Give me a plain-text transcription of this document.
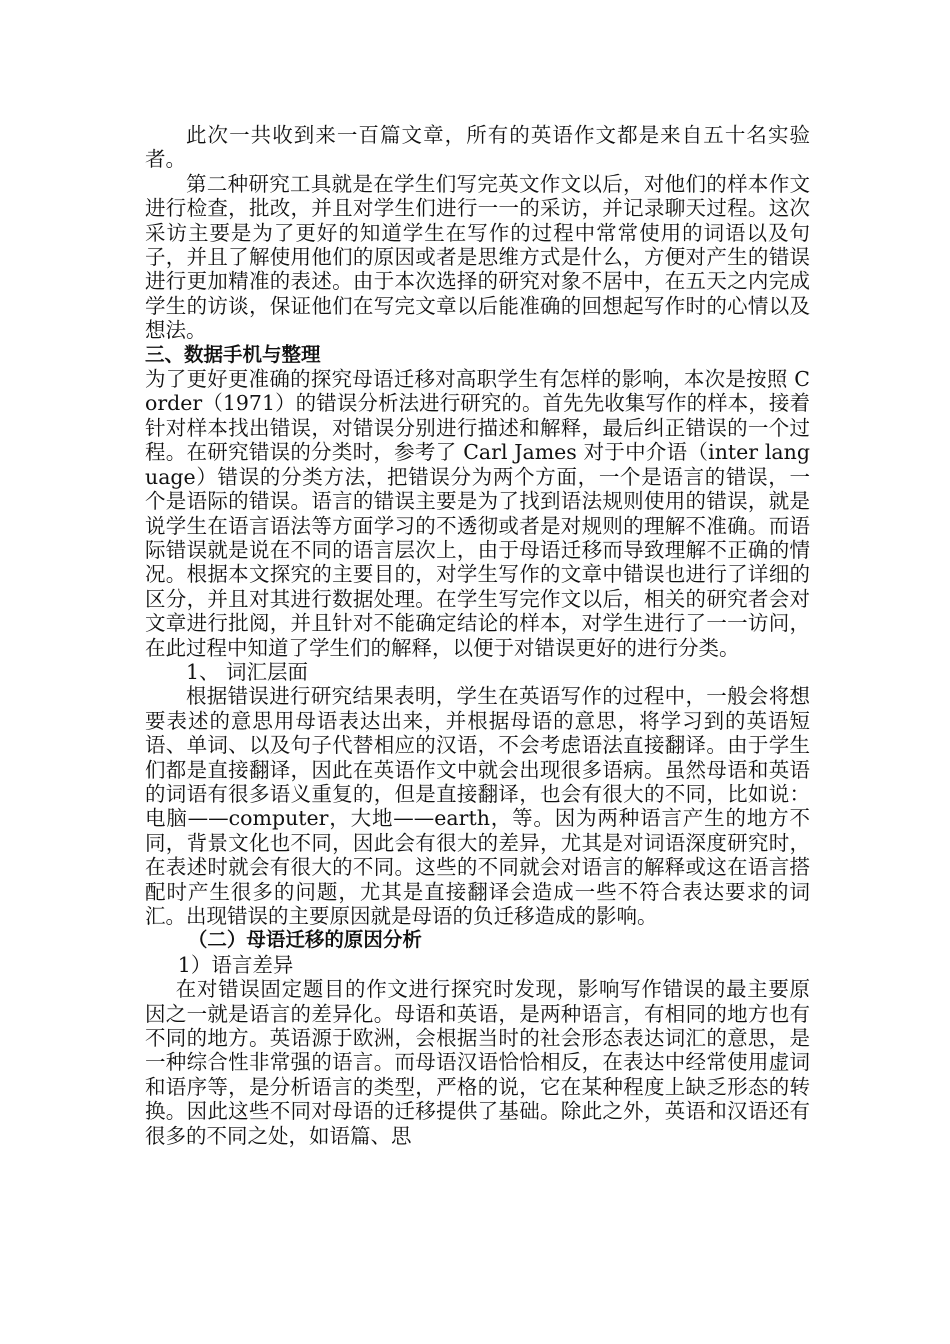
此次一共收到来一百篇文章，所有的英语作文都是来自五十名实验者。

第二种研究工具就是在学生们写完英文作文以后，对他们的样本作文进行检查，批改，并且对学生们进行一一的采访，并记录聊天过程。这次采访主要是为了更好的知道学生在写作的过程中常常使用的词语以及句子，并且了解使用他们的原因或者是思维方式是什么，方便对产生的错误进行更加精准的表述。由于本次选择的研究对象不居中，在五天之内完成学生的访谈，保证他们在写完文章以后能准确的回想起写作时的心情以及想法。

三、数据手机与整理

为了更好更准确的探究母语迁移对高职学生有怎样的影响，本次是按照 Corder（1971）的错误分析法进行研究的。首先先收集写作的样本，接着针对样本找出错误，对错误分别进行描述和解释，最后纠正错误的一个过程。在研究错误的分类时，参考了 Carl James 对于中介语（inter language）错误的分类方法，把错误分为两个方面，一个是语言的错误，一个是语际的错误。语言的错误主要是为了找到语法规则使用的错误，就是说学生在语言语法等方面学习的不透彻或者是对规则的理解不准确。而语际错误就是说在不同的语言层次上，由于母语迁移而导致理解不正确的情况。根据本文探究的主要目的，对学生写作的文章中错误也进行了详细的区分，并且对其进行数据处理。在学生写完作文以后，相关的研究者会对文章进行批阅，并且针对不能确定结论的样本，对学生进行了一一访问，在此过程中知道了学生们的解释，以便于对错误更好的进行分类。

1、 词汇层面

根据错误进行研究结果表明，学生在英语写作的过程中，一般会将想要表述的意思用母语表达出来，并根据母语的意思，将学习到的英语短语、单词、以及句子代替相应的汉语，不会考虑语法直接翻译。由于学生们都是直接翻译，因此在英语作文中就会出现很多语病。虽然母语和英语的词语有很多语义重复的，但是直接翻译，也会有很大的不同，比如说：电脑——computer，大地——earth，等。因为两种语言产生的地方不同，背景文化也不同，因此会有很大的差异，尤其是对词语深度研究时，在表述时就会有很大的不同。这些的不同就会对语言的解释或这在语言搭配时产生很多的问题，尤其是直接翻译会造成一些不符合表达要求的词汇。出现错误的主要原因就是母语的负迁移造成的影响。

（二）母语迁移的原因分析

1）语言差异

在对错误固定题目的作文进行探究时发现，影响写作错误的最主要原因之一就是语言的差异化。母语和英语，是两种语言，有相同的地方也有不同的地方。英语源于欧洲，会根据当时的社会形态表达词汇的意思，是一种综合性非常强的语言。而母语汉语恰恰相反，在表达中经常使用虚词和语序等，是分析语言的类型，严格的说，它在某种程度上缺乏形态的转换。因此这些不同对母语的迁移提供了基础。除此之外，英语和汉语还有很多的不同之处，如语篇、思
